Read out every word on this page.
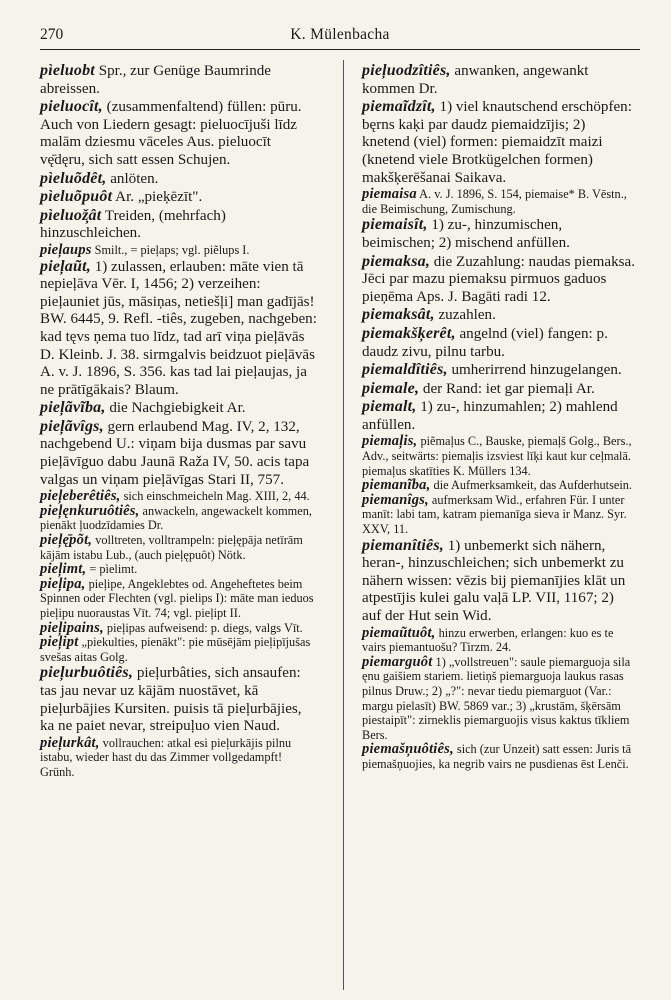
270	K. Mülenbacha

pìeluobt Spr., zur Genüge Baumrinde abreissen.

pieluocît, (zusammenfaltend) füllen: pūru. Auch von Liedern gesagt: pieluocījuši līdz malām dziesmu vāceles Aus. pieluocīt vę̄dęru, sich satt essen Schujen.

pìeluõdêt, anlöten.

pìeluõpuôt Ar. „pieķēzīt".

pìeluož̦ât Treiden, (mehrfach) hinzuschleichen.

pieļaups Smilt., = pieļaps; vgl. piẽlups I.

pieļaũt, 1) zulassen, erlauben: māte vien tā nepieļāva Vēr. I, 1456; 2) verzeihen: pieļauniet jūs, māsiņas, netiešļi] man gadījās! BW. 6445, 9. Refl. -tiês, zugeben, nachgeben: kad tęvs ņema tuo līdz, tad arī viņa pieļāvās D. Kleinb. J. 38. sirmgalvis beidzuot pieļāvās A. v. J. 1896, S. 356. kas tad lai pieļaujas, ja ne prātīgākais? Blaum.

pieļãvĩba, die Nachgiebigkeit Ar.

pieļãvîgs, gern erlaubend Mag. IV, 2, 132, nachgebend U.: viņam bija dusmas par savu pieļāvīguo dabu Jaunā Raža IV, 50. acis tapa valgas un viņam pieļāvīgas Stari II, 757.

pieļeberêtiês, sich einschmeicheln Mag. XIII, 2, 44.

pieļęnkuruôtiês, anwackeln, angewackelt kommen, pienākt ļuodzīdamies Dr.

pieļę̄põt, volltreten, volltrampeln: pieļępāja netīrām kājām istabu Lub., (auch pieļępuôt) Nötk.

pieļimt, = pìelimt.

pieļipa, pieļipe, Angeklebtes od. Angeheftetes beim Spinnen oder Flechten (vgl. pielips I): māte man ieduos pieļipu nuoraustas Vīt. 74; vgl. pieļipt II.

pieļipains, pieļipas aufweisend: p. diegs, valgs Vīt.

pieļipt „piekulties, pienākt": pie mūsējām pieļipījušas svešas aitas Golg.

pieļurbuôtiês, pieļurbâties, sich ansaufen: tas jau nevar uz kājām nuostāvet, kā pieļurbājies Kursiten. puisis tā pieļurbājies, ka ne paiet nevar, streipuļuo vien Naud.

pieļurkât, vollrauchen: atkal esi pieļurkājis pilnu istabu, wieder hast du das Zimmer vollgedampft! Grünh.

pieļuodzîtiês, anwanken, angewankt kommen Dr.

piemaĩdzît, 1) viel knautschend erschöpfen: bęrns kaķi par daudz piemaidzījis; 2) knetend (viel) formen: piemaidzīt maizi (knetend viele Brotkügelchen formen) makšķerēšanai Saikava.

piemaisa A. v. J. 1896, S. 154, piemaise* B. Vēstn., die Beimischung, Zumischung.

piemaisît, 1) zu-, hinzumischen, beimischen; 2) mischend anfüllen.

piemaksa, die Zuzahlung: naudas piemaksa. Jēci par mazu piemaksu pirmuos gaduos pieņēma Aps. J. Bagāti radi 12.

piemaksât, zuzahlen.

piemakšķerêt, angelnd (viel) fangen: p. daudz zivu, pilnu tarbu.

piemaldîtiês, umherirrend hinzugelangen.

piemale, der Rand: iet gar piemaļi Ar.

piemalt, 1) zu-, hinzumahlen; 2) mahlend anfüllen.

piemaļis, piẽmaļus C., Bauske, piemaļš Golg., Bers., Adv., seitwärts: piemaļis izsviest līķi kaut kur ceļmalā. piemaļus skatīties K. Müllers 134.

piemanĩba, die Aufmerksamkeit, das Aufderhutsein.

piemanîgs, aufmerksam Wid., erfahren Für. I unter manīt: labi tam, katram piemanīga sieva ir Manz. Syr. XXV, 11.

piemanîtiês, 1) unbemerkt sich nähern, heran-, hinzuschleichen; sich unbemerkt zu nähern wissen: vēzis bij piemanījies klāt un atpestījis kulei galu vaļā LP. VII, 1167; 2) auf der Hut sein Wid.

piemaũtuôt, hinzu erwerben, erlangen: kuo es te vairs piemantuošu? Tirzm. 24.

piemarguôt 1) „vollstreuen": saule piemarguoja sila ęnu gaišiem stariem. lietiņš piemarguoja laukus rasas pilnus Druw.; 2) „?": nevar tiedu piemarguot (Var.: margu pielasīt) BW. 5869 var.; 3) „krustām, šķērsām piestaipīt": zirneklis piemarguojis visus kaktus tīkliem Bers.

piemašņuôtiês, sich (zur Unzeit) satt essen: Juris tā piemašņuojies, ka negrib vairs ne pusdienas ēst Lenči.
